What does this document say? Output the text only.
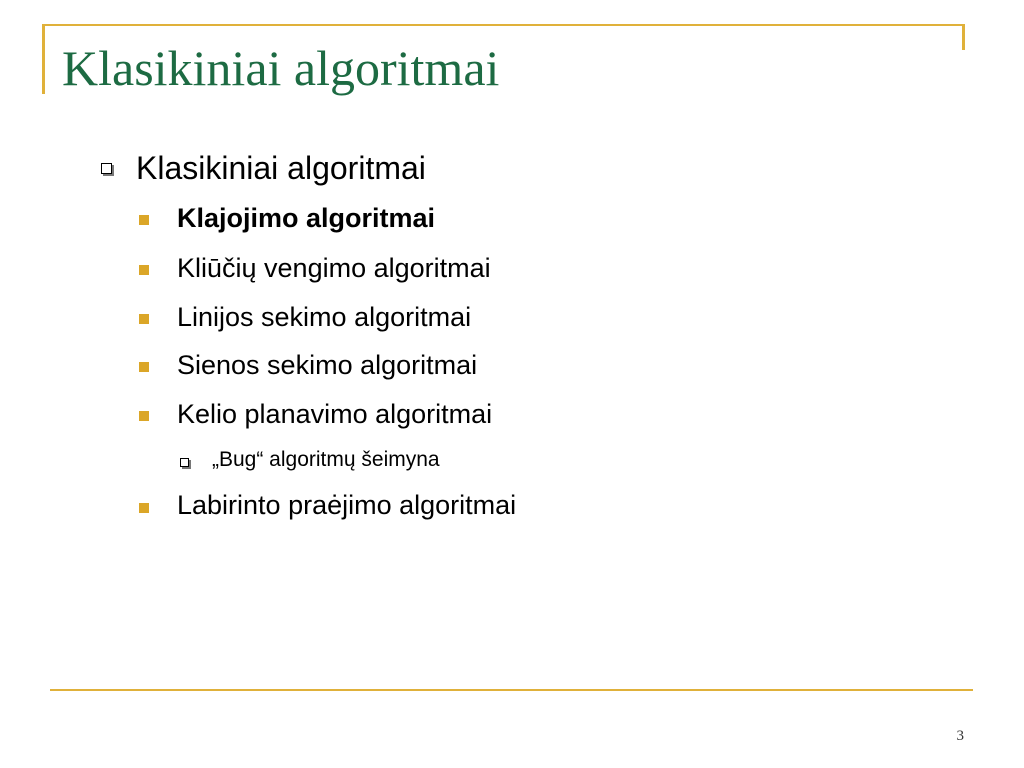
Klasikiniai algoritmai
Klasikiniai algoritmai
Klajojimo algoritmai
Kliūčių vengimo algoritmai
Linijos sekimo algoritmai
Sienos sekimo algoritmai
Kelio planavimo algoritmai
„Bug“ algoritmų šeimyna
Labirinto praėjimo algoritmai
3
